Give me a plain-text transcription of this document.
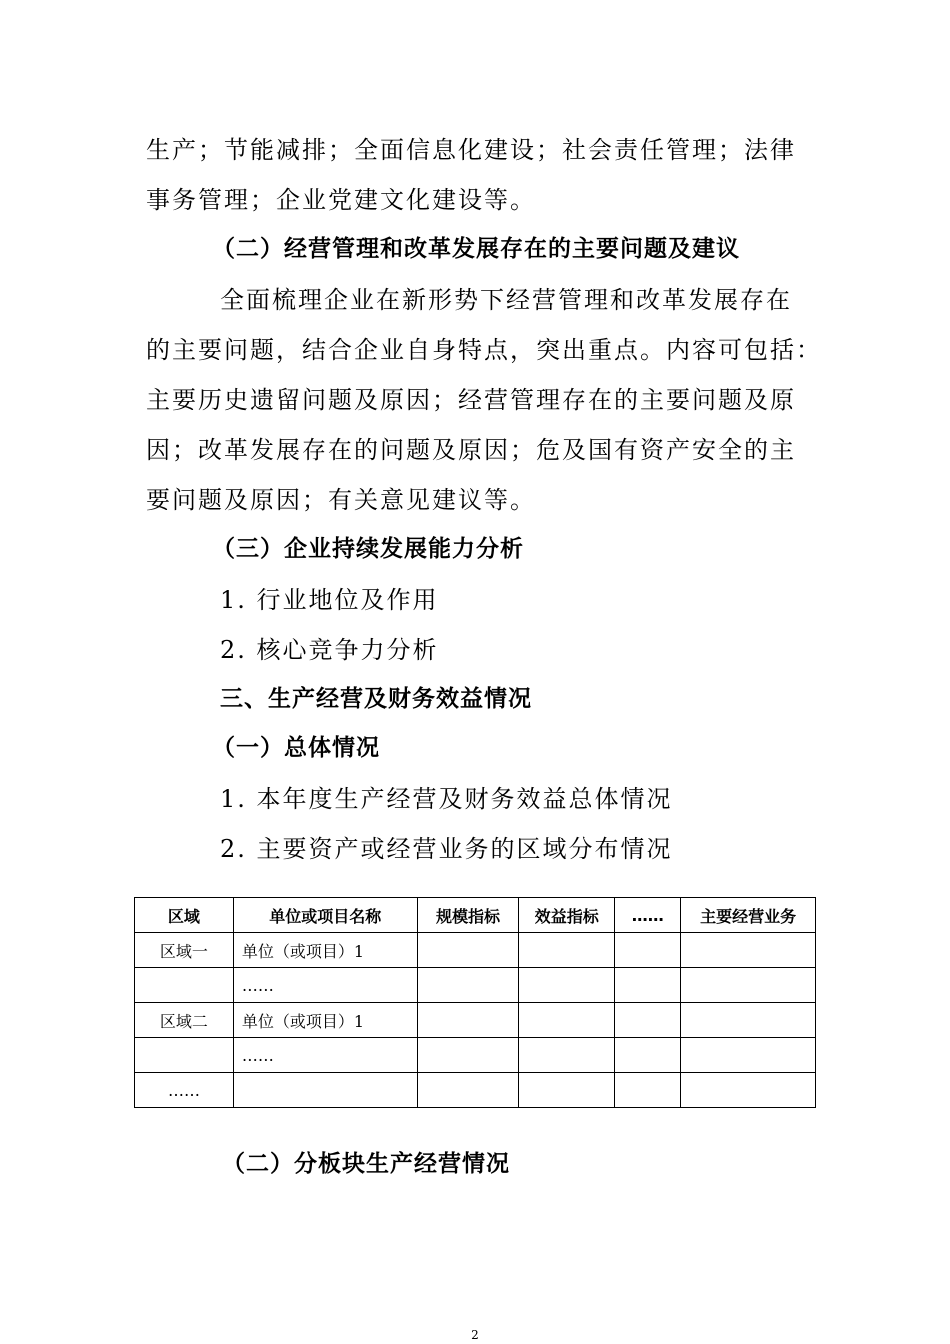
生产；节能减排；全面信息化建设；社会责任管理；法律
事务管理；企业党建文化建设等。
（二）经营管理和改革发展存在的主要问题及建议
全面梳理企业在新形势下经营管理和改革发展存在
的主要问题，结合企业自身特点，突出重点。内容可包括：
主要历史遗留问题及原因；经营管理存在的主要问题及原
因；改革发展存在的问题及原因；危及国有资产安全的主
要问题及原因；有关意见建议等。
（三）企业持续发展能力分析
1. 行业地位及作用
2. 核心竞争力分析
三、生产经营及财务效益情况
（一）总体情况
1. 本年度生产经营及财务效益总体情况
2. 主要资产或经营业务的区域分布情况
区域	单位或项目名称	规模指标	效益指标	……	主要经营业务
区域一	单位（或项目）1				
	……				
区域二	单位（或项目）1				
	……				
……					
（二）分板块生产经营情况
2
